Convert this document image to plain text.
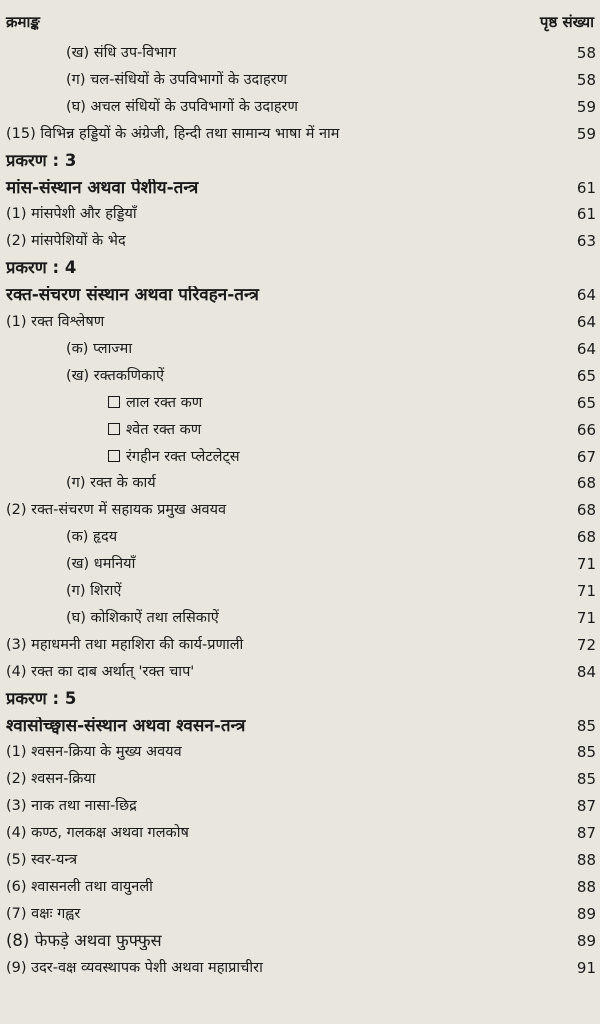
क्रमाङ्क	पृष्ठ संख्या
(ख) संधि उप-विभाग	58
(ग) चल-संधियों के उपविभागों के उदाहरण	58
(घ) अचल संधियों के उपविभागों के उदाहरण	59
(15) विभिन्न हड्डियों के अंग्रेजी, हिन्दी तथा सामान्य भाषा में नाम	59
प्रकरण : 3
मांस-संस्थान अथवा पेशीय-तन्त्र	61
(1) मांसपेशी और हड्डियाँ	61
(2) मांसपेशियों के भेद	63
प्रकरण : 4
रक्त-संचरण संस्थान अथवा परिवहन-तन्त्र	64
(1) रक्त विश्लेषण	64
(क) प्लाज्मा	64
(ख) रक्तकणिकाऐं	65
लाल रक्त कण	65
श्वेत रक्त कण	66
रंगहीन रक्त प्लेटलेट्स	67
(ग) रक्त के कार्य	68
(2) रक्त-संचरण में सहायक प्रमुख अवयव	68
(क) हृदय	68
(ख) धमनियाँ	71
(ग) शिराऐं	71
(घ) कोशिकाऐं तथा लसिकाऐं	71
(3) महाधमनी तथा महाशिरा की कार्य-प्रणाली	72
(4) रक्त का दाब अर्थात् 'रक्त चाप'	84
प्रकरण : 5
श्वासोच्छ्वास-संस्थान अथवा श्वसन-तन्त्र	85
(1) श्वसन-क्रिया के मुख्य अवयव	85
(2) श्वसन-क्रिया	85
(3) नाक तथा नासा-छिद्र	87
(4) कण्ठ, गलकक्ष अथवा गलकोष	87
(5) स्वर-यन्त्र	88
(6) श्वासनली तथा वायुनली	88
(7) वक्षः गह्वर	89
(8) फेफड़े अथवा फुफ्फुस	89
(9) उदर-वक्ष व्यवस्थापक पेशी अथवा महाप्राचीरा	91
